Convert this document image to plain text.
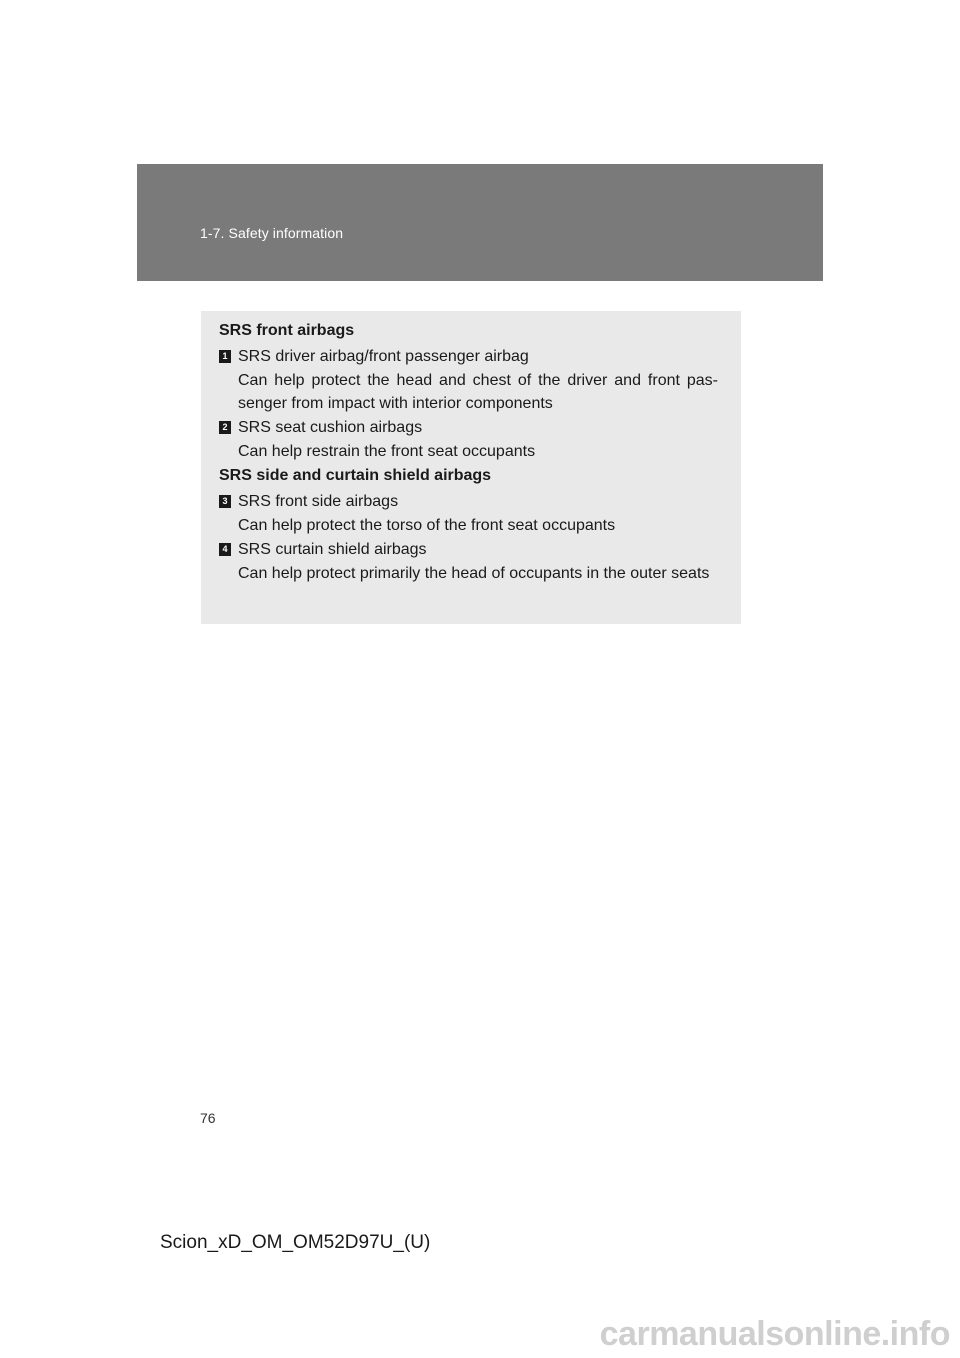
1-7. Safety information
SRS front airbags
1 SRS driver airbag/front passenger airbag
Can help protect the head and chest of the driver and front pas-senger from impact with interior components
2 SRS seat cushion airbags
Can help restrain the front seat occupants
SRS side and curtain shield airbags
3 SRS front side airbags
Can help protect the torso of the front seat occupants
4 SRS curtain shield airbags
Can help protect primarily the head of occupants in the outer seats
76
Scion_xD_OM_OM52D97U_(U)
carmanualsonline.info
